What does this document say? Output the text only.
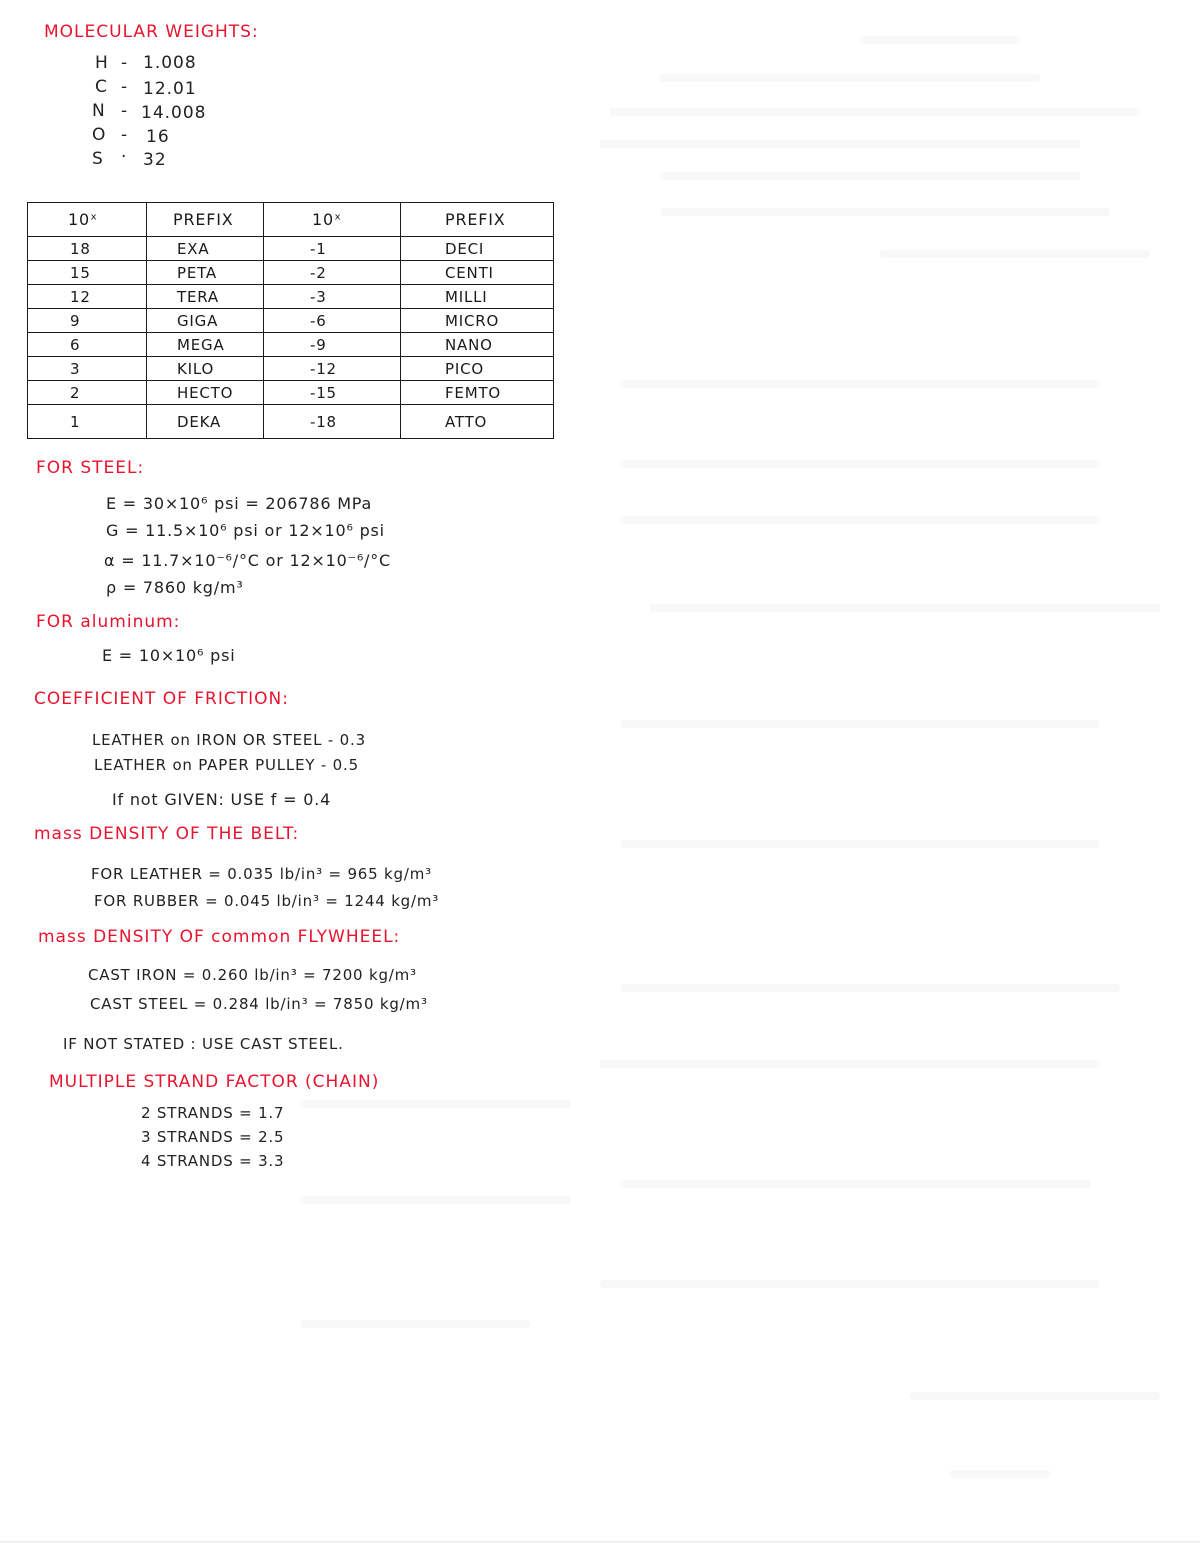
MOLECULAR WEIGHTS:
H - 1.008
C - 12.01
N - 14.008
O - 16
S · 32
10ˣ	PREFIX	10ˣ	PREFIX
18	EXA	-1	DECI
15	PETA	-2	CENTI
12	TERA	-3	MILLI
9	GIGA	-6	MICRO
6	MEGA	-9	NANO
3	KILO	-12	PICO
2	HECTO	-15	FEMTO
1	DEKA	-18	ATTO
FOR STEEL:
E = 30×10⁶ psi = 206786 MPa
G = 11.5×10⁶ psi or 12×10⁶ psi
α = 11.7×10⁻⁶/°C or 12×10⁻⁶/°C
ρ = 7860 kg/m³
FOR aluminum:
E = 10×10⁶ psi
COEFFICIENT OF FRICTION:
LEATHER on IRON OR STEEL - 0.3
LEATHER on PAPER PULLEY - 0.5
If not GIVEN: USE f = 0.4
mass DENSITY OF THE BELT:
FOR LEATHER = 0.035 lb/in³ = 965 kg/m³
FOR RUBBER = 0.045 lb/in³ = 1244 kg/m³
mass DENSITY OF common FLYWHEEL:
CAST IRON = 0.260 lb/in³ = 7200 kg/m³
CAST STEEL = 0.284 lb/in³ = 7850 kg/m³
IF NOT STATED : USE CAST STEEL.
MULTIPLE STRAND FACTOR (CHAIN)
2 STRANDS = 1.7
3 STRANDS = 2.5
4 STRANDS = 3.3
